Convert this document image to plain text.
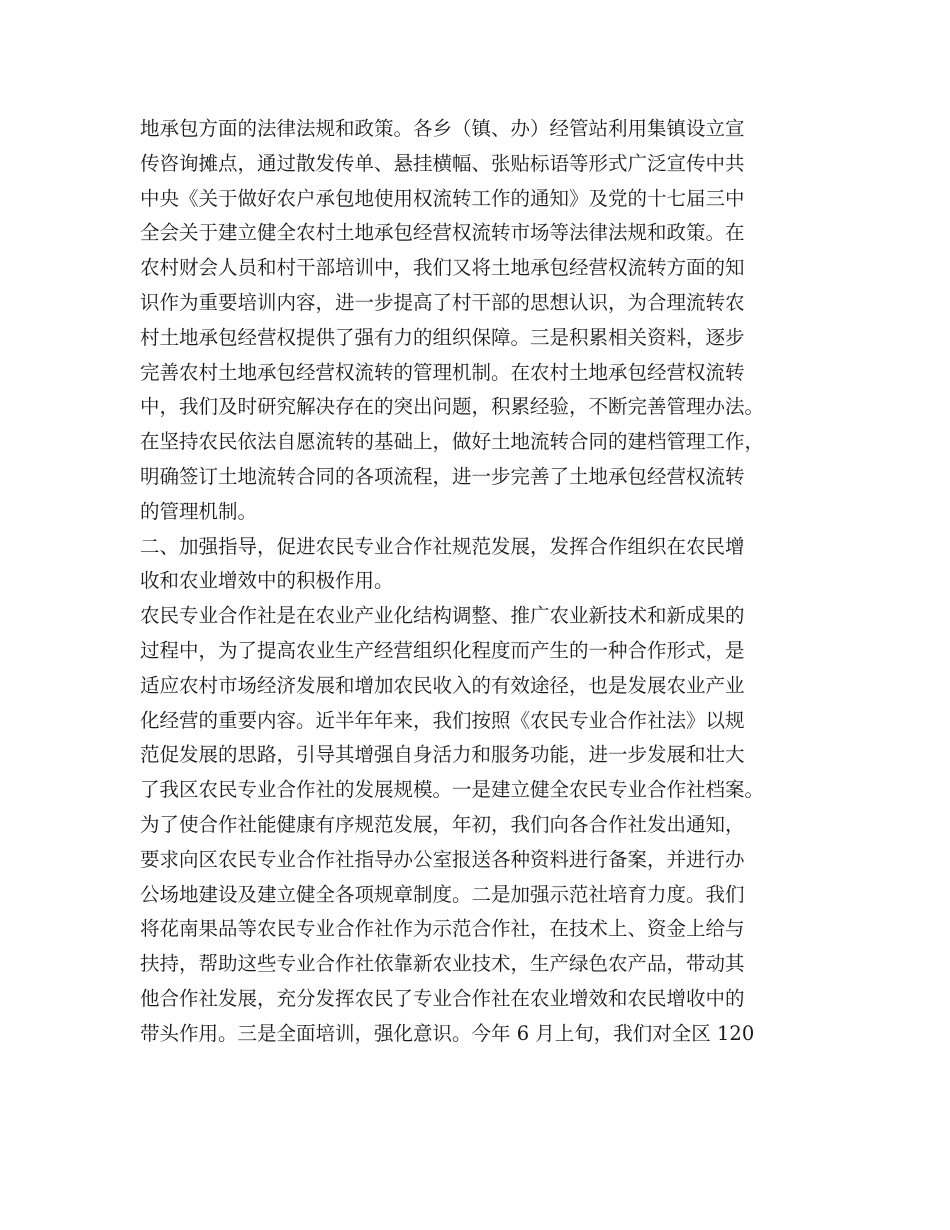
地承包方面的法律法规和政策。各乡（镇、办）经管站利用集镇设立宣
传咨询摊点，通过散发传单、悬挂横幅、张贴标语等形式广泛宣传中共
中央《关于做好农户承包地使用权流转工作的通知》及党的十七届三中
全会关于建立健全农村土地承包经营权流转市场等法律法规和政策。在
农村财会人员和村干部培训中，我们又将土地承包经营权流转方面的知
识作为重要培训内容，进一步提高了村干部的思想认识，为合理流转农
村土地承包经营权提供了强有力的组织保障。三是积累相关资料，逐步
完善农村土地承包经营权流转的管理机制。在农村土地承包经营权流转
中，我们及时研究解决存在的突出问题，积累经验，不断完善管理办法。
在坚持农民依法自愿流转的基础上，做好土地流转合同的建档管理工作，
明确签订土地流转合同的各项流程，进一步完善了土地承包经营权流转
的管理机制。
二、加强指导，促进农民专业合作社规范发展，发挥合作组织在农民增
收和农业增效中的积极作用。
农民专业合作社是在农业产业化结构调整、推广农业新技术和新成果的
过程中，为了提高农业生产经营组织化程度而产生的一种合作形式，是
适应农村市场经济发展和增加农民收入的有效途径，也是发展农业产业
化经营的重要内容。近半年年来，我们按照《农民专业合作社法》以规
范促发展的思路，引导其增强自身活力和服务功能，进一步发展和壮大
了我区农民专业合作社的发展规模。一是建立健全农民专业合作社档案。
为了使合作社能健康有序规范发展，年初，我们向各合作社发出通知，
要求向区农民专业合作社指导办公室报送各种资料进行备案，并进行办
公场地建设及建立健全各项规章制度。二是加强示范社培育力度。我们
将花南果品等农民专业合作社作为示范合作社，在技术上、资金上给与
扶持，帮助这些专业合作社依靠新农业技术，生产绿色农产品，带动其
他合作社发展，充分发挥农民了专业合作社在农业增效和农民增收中的
带头作用。三是全面培训，强化意识。今年 6 月上旬，我们对全区 120
